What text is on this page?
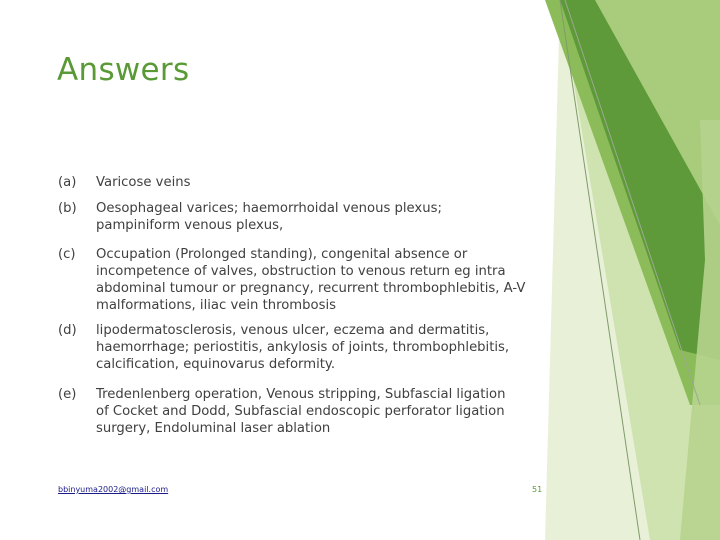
Answers
(a)	Varicose veins
(b)	Oesophageal varices; haemorrhoidal venous plexus; pampiniform venous plexus,
(c)	Occupation (Prolonged standing), congenital absence or incompetence of valves, obstruction to venous return eg intra abdominal tumour or pregnancy, recurrent thrombophlebitis, A-V malformations, iliac vein thrombosis
(d)	lipodermatosclerosis, venous ulcer, eczema and dermatitis, haemorrhage; periostitis, ankylosis of joints, thrombophlebitis, calcification, equinovarus deformity.
(e)	Tredenlenberg operation, Venous stripping, Subfascial ligation of Cocket and Dodd, Subfascial endoscopic perforator ligation surgery, Endoluminal laser ablation
bbinyuma2002@gmail.com	51
